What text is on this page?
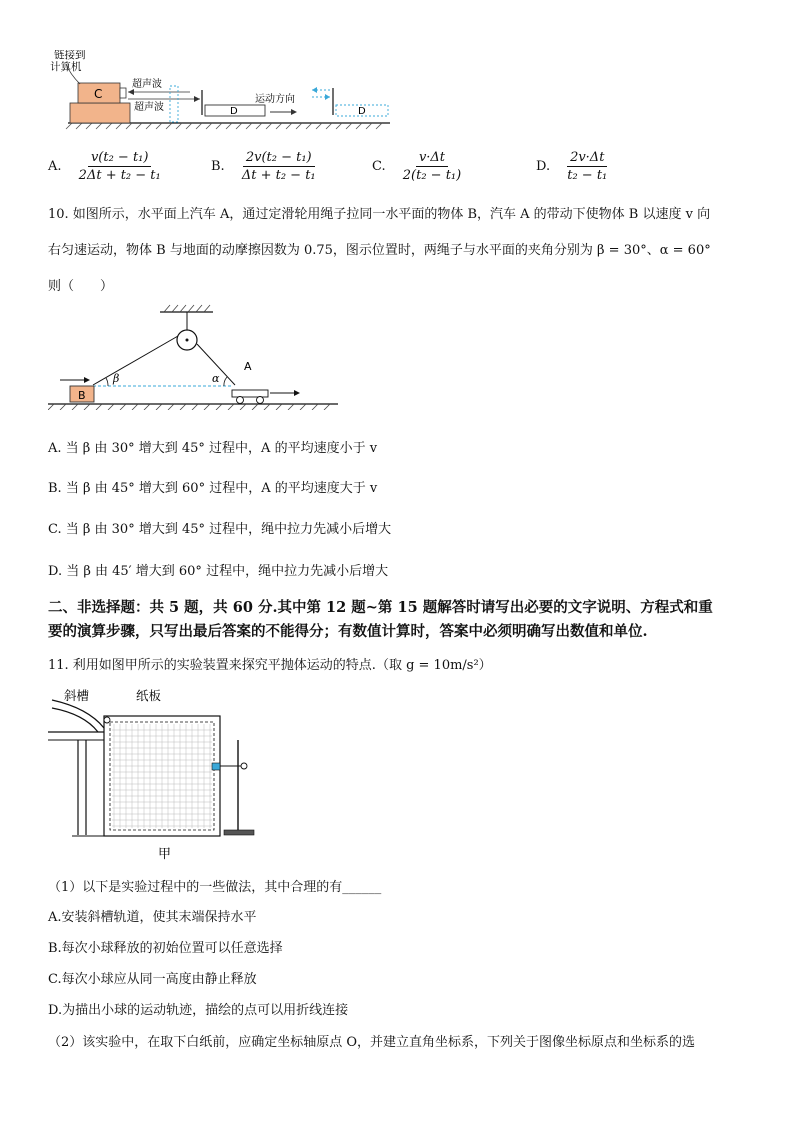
C
链接到
计算机
超声波
超声波	D
运动方向
D
A. $\frac{\text{v(t₂ − t₁)}}{\text{2Δt + t₂ − t₁}}$	B. $\frac{\text{2v(t₂ − t₁)}}{\text{Δt + t₂ − t₁}}$	C. $\frac{v\cdot\Delta t}{\text{2(t₂ − t₁)}}$	D. $\frac{2v\cdot\Delta t}{\text{t₂ − t₁}}$
10. 如图所示，水平面上汽车 A，通过定滑轮用绳子拉同一水平面的物体 B，汽车 A 的带动下使物体 B 以速度 v 向
右匀速运动，物体 B 与地面的动摩擦因数为 0.75，图示位置时，两绳子与水平面的夹角分别为 β = 30°、α = 60°
则（　　）
β	α
B
A
A. 当 β 由 30° 增大到 45° 过程中，A 的平均速度小于 v
B. 当 β 由 45° 增大到 60° 过程中，A 的平均速度大于 v
C. 当 β 由 30° 增大到 45° 过程中，绳中拉力先减小后增大
D. 当 β 由 45′ 增大到 60° 过程中，绳中拉力先减小后增大
二、非选择题：共 5 题，共 60 分.其中第 12 题~第 15 题解答时请写出必要的文字说明、方程式和重
要的演算步骤，只写出最后答案的不能得分；有数值计算时，答案中必须明确写出数值和单位.
11. 利用如图甲所示的实验装置来探究平抛体运动的特点.（取 g = 10m/s²）
斜槽	纸板
甲
（1）以下是实验过程中的一些做法，其中合理的有______
A.安装斜槽轨道，使其末端保持水平
B.每次小球释放的初始位置可以任意选择
C.每次小球应从同一高度由静止释放
D.为描出小球的运动轨迹，描绘的点可以用折线连接
（2）该实验中，在取下白纸前，应确定坐标轴原点 O，并建立直角坐标系，下列关于图像坐标原点和坐标系的选
